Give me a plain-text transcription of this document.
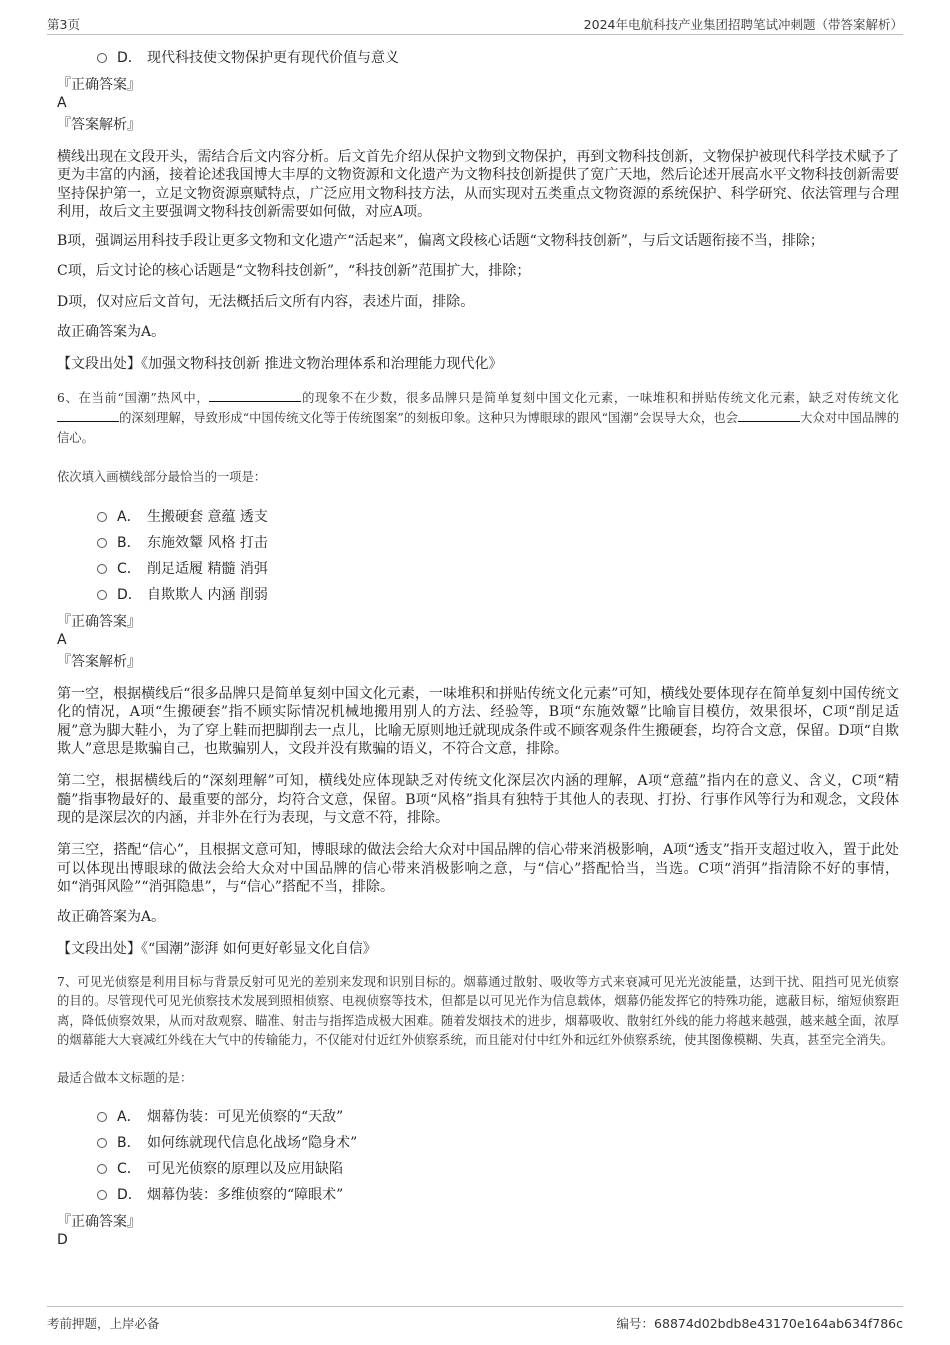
第3页	2024年电航科技产业集团招聘笔试冲刺题（带答案解析）
D． 现代科技使文物保护更有现代价值与意义
『正确答案』
A
『答案解析』

横线出现在文段开头，需结合后文内容分析。后文首先介绍从保护文物到文物保护，再到文物科技创新，文物保护被现代科学技术赋予了更为丰富的内涵，接着论述我国博大丰厚的文物资源和文化遗产为文物科技创新提供了宽广天地，然后论述开展高水平文物科技创新需要坚持保护第一，立足文物资源禀赋特点，广泛应用文物科技方法，从而实现对五类重点文物资源的系统保护、科学研究、依法管理与合理利用，故后文主要强调文物科技创新需要如何做，对应A项。

B项，强调运用科技手段让更多文物和文化遗产“活起来”，偏离文段核心话题“文物科技创新”，与后文话题衔接不当，排除；

C项，后文讨论的核心话题是“文物科技创新”，“科技创新”范围扩大，排除；

D项，仅对应后文首句，无法概括后文所有内容，表述片面，排除。

故正确答案为A。

【文段出处】《加强文物科技创新 推进文物治理体系和治理能力现代化》

6、在当前“国潮”热风中，	的现象不在少数，很多品牌只是简单复刻中国文化元素，一味堆积和拼贴传统文化元素，缺乏对传统文化的深刻理解，导致形成“中国传统文化等于传统图案”的刻板印象。这种只为博眼球的跟风“国潮”会误导大众，也会	大众对中国品牌的信心。

依次填入画横线部分最恰当的一项是：

A． 生搬硬套 意蕴 透支
B． 东施效颦 风格 打击
C． 削足适履 精髓 消弭
D． 自欺欺人 内涵 削弱
『正确答案』
A
『答案解析』

第一空，根据横线后“很多品牌只是简单复刻中国文化元素，一味堆积和拼贴传统文化元素”可知，横线处要体现存在简单复刻中国传统文化的情况，A项“生搬硬套”指不顾实际情况机械地搬用别人的方法、经验等，B项“东施效颦”比喻盲目模仿，效果很坏，C项“削足适履”意为脚大鞋小，为了穿上鞋而把脚削去一点儿，比喻无原则地迁就现成条件或不顾客观条件生搬硬套，均符合文意，保留。D项“自欺欺人”意思是欺骗自己，也欺骗别人，文段并没有欺骗的语义，不符合文意，排除。

第二空，根据横线后的“深刻理解”可知，横线处应体现缺乏对传统文化深层次内涵的理解，A项“意蕴”指内在的意义、含义，C项“精髓”指事物最好的、最重要的部分，均符合文意，保留。B项“风格”指具有独特于其他人的表现、打扮、行事作风等行为和观念，文段体现的是深层次的内涵，并非外在行为表现，与文意不符，排除。

第三空，搭配“信心”，且根据文意可知，博眼球的做法会给大众对中国品牌的信心带来消极影响，A项“透支”指开支超过收入，置于此处可以体现出博眼球的做法会给大众对中国品牌的信心带来消极影响之意，与“信心”搭配恰当，当选。C项“消弭”指清除不好的事情，如“消弭风险”“消弭隐患”，与“信心”搭配不当，排除。

故正确答案为A。

【文段出处】《“国潮”澎湃 如何更好彰显文化自信》

7、可见光侦察是利用目标与背景反射可见光的差别来发现和识别目标的。烟幕通过散射、吸收等方式来衰减可见光光波能量，达到干扰、阻挡可见光侦察的目的。尽管现代可见光侦察技术发展到照相侦察、电视侦察等技术，但都是以可见光作为信息载体，烟幕仍能发挥它的特殊功能，遮蔽目标，缩短侦察距离，降低侦察效果，从而对敌观察、瞄准、射击与指挥造成极大困难。随着发烟技术的进步，烟幕吸收、散射红外线的能力将越来越强，越来越全面，浓厚的烟幕能大大衰减红外线在大气中的传输能力，不仅能对付近红外侦察系统，而且能对付中红外和远红外侦察系统，使其图像模糊、失真，甚至完全消失。

最适合做本文标题的是：

A． 烟幕伪装：可见光侦察的“天敌”
B． 如何练就现代信息化战场“隐身术”
C． 可见光侦察的原理以及应用缺陷
D． 烟幕伪装：多维侦察的“障眼术”
『正确答案』
D
考前押题，上岸必备	编号：68874d02bdb8e43170e164ab634f786c
